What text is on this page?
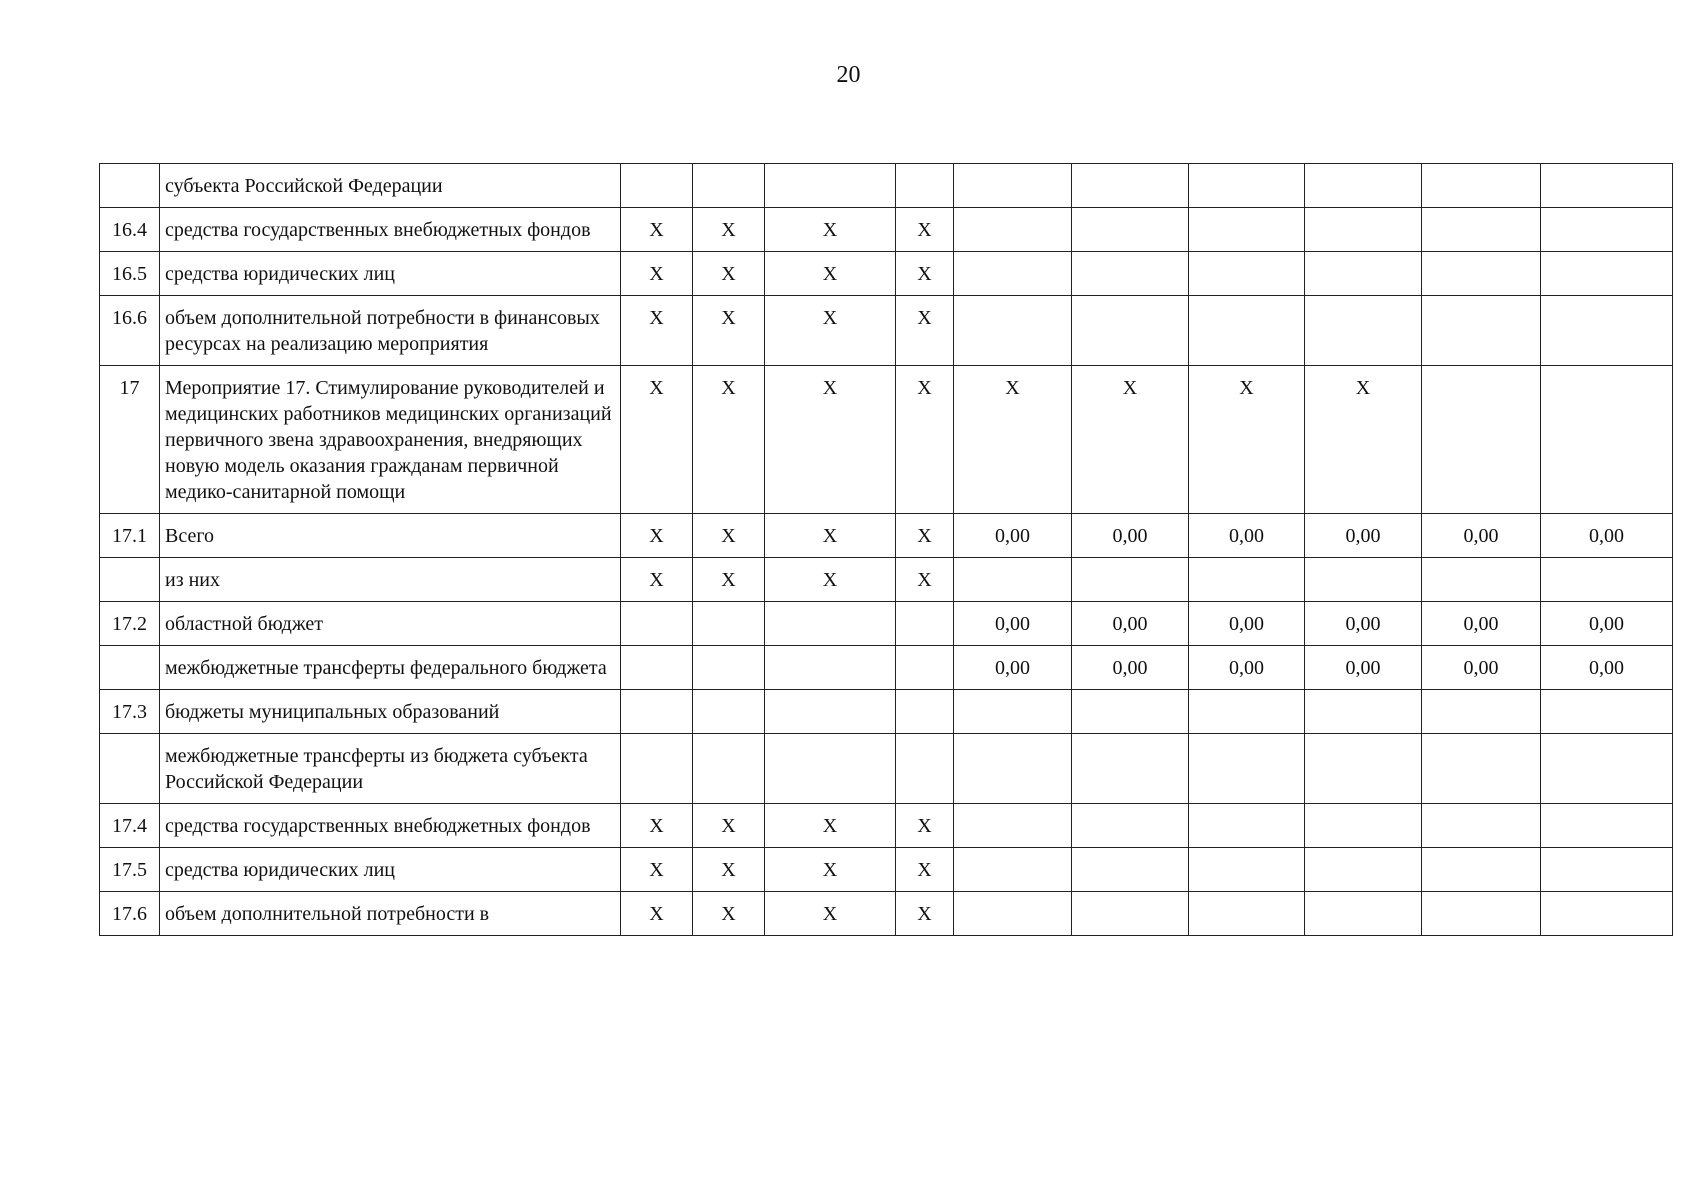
20
	субъекта Российской Федерации										
16.4	средства государственных внебюджетных фондов	Х	Х	Х	Х						
16.5	средства юридических лиц	Х	Х	Х	Х						
16.6	объем дополнительной потребности в финансовых ресурсах на реализацию мероприятия	Х	Х	Х	Х						
17	Мероприятие 17. Стимулирование руководителей и медицинских работников медицинских организаций первичного звена здравоохранения, внедряющих новую модель оказания гражданам первичной медико-санитарной помощи	Х	Х	Х	Х	Х	Х	Х	Х		
17.1	Всего	Х	Х	Х	Х	0,00	0,00	0,00	0,00	0,00	0,00
	из них	Х	Х	Х	Х						
17.2	областной бюджет					0,00	0,00	0,00	0,00	0,00	0,00
	межбюджетные трансферты федерального бюджета					0,00	0,00	0,00	0,00	0,00	0,00
17.3	бюджеты муниципальных образований										
	межбюджетные трансферты из бюджета субъекта Российской Федерации										
17.4	средства государственных внебюджетных фондов	Х	Х	Х	Х						
17.5	средства юридических лиц	Х	Х	Х	Х						
17.6	объем дополнительной потребности в	Х	Х	Х	Х						
